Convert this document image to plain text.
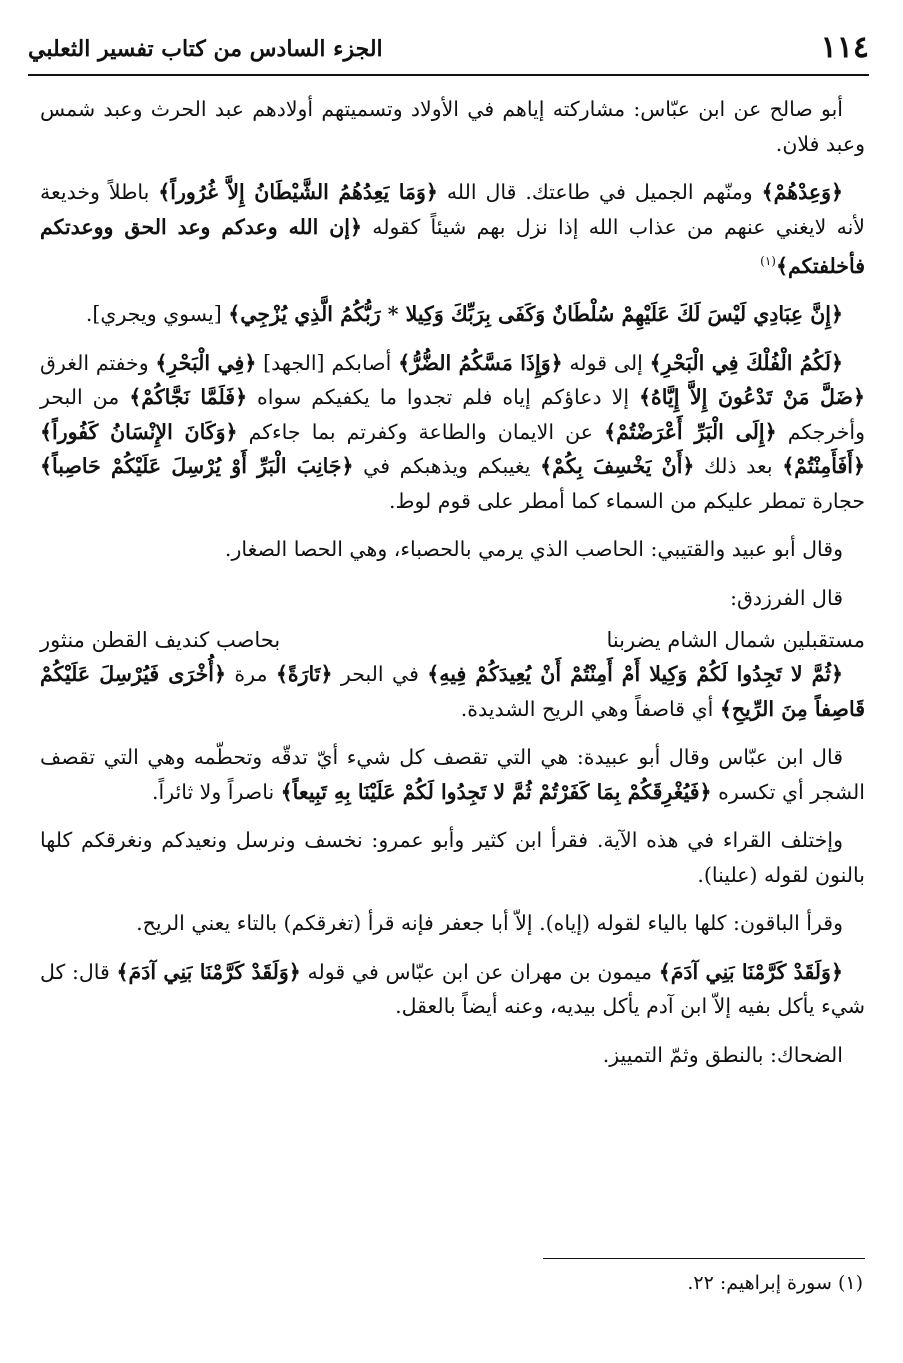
١١٤
الجزء السادس من كتاب تفسير الثعلبي

أبو صالح عن ابن عبّاس: مشاركته إياهم في الأولاد وتسميتهم أولادهم عبد الحرث وعبد شمس وعبد فلان.

﴿وَعِدْهُمْ﴾ ومنّهم الجميل في طاعتك. قال الله ﴿وَمَا يَعِدُهُمُ الشَّيْطَانُ إِلاَّ غُرُوراً﴾ باطلاً وخديعة لأنه لايغني عنهم من عذاب الله إذا نزل بهم شيئاً كقوله ﴿إن الله وعدكم وعد الحق ووعدتكم فأخلفتكم﴾$^{(١)}$

﴿إِنَّ عِبَادِي لَيْسَ لَكَ عَلَيْهِمْ سُلْطَانٌ وَكَفَى بِرَبِّكَ وَكِيلا * رَبُّكُمُ الَّذِي يُزْجِي﴾ [يسوي ويجري].

﴿لَكُمُ الْفُلْكَ فِي الْبَحْرِ﴾ إلى قوله ﴿وَإِذَا مَسَّكُمُ الضُّرُّ﴾ أصابكم [الجهد] ﴿فِي الْبَحْرِ﴾ وخفتم الغرق ﴿ضَلَّ مَنْ تَدْعُونَ إِلاَّ إِيَّاهُ﴾ إلا دعاؤكم إياه فلم تجدوا ما يكفيكم سواه ﴿فَلَمَّا نَجَّاكُمْ﴾ من البحر وأخرجكم ﴿إِلَى الْبَرِّ أَعْرَضْتُمْ﴾ عن الايمان والطاعة وكفرتم بما جاءكم ﴿وَكَانَ الإِنْسَانُ كَفُوراً﴾ ﴿أَفَأَمِنْتُمْ﴾ بعد ذلك ﴿أَنْ يَخْسِفَ بِكُمْ﴾ يغيبكم ويذهبكم في ﴿جَانِبَ الْبَرِّ أَوْ يُرْسِلَ عَلَيْكُمْ حَاصِباً﴾حجارة تمطر عليكم من السماء كما أمطر على قوم لوط.

وقال أبو عبيد والقتيبي: الحاصب الذي يرمي بالحصباء، وهي الحصا الصغار.

قال الفرزدق:

مستقبلين شمال الشام يضربنا
بحاصب كنديف القطن منثور

﴿ثُمَّ لا تَجِدُوا لَكُمْ وَكِيلا أَمْ أَمِنْتُمْ أَنْ يُعِيدَكُمْ فِيهِ﴾ في البحر ﴿تَارَةً﴾ مرة ﴿أُخْرَى فَيُرْسِلَ عَلَيْكُمْ قَاصِفاً مِنَ الرِّيحِ﴾ أي قاصفاً وهي الريح الشديدة.

قال ابن عبّاس وقال أبو عبيدة: هي التي تقصف كل شيء أيّ تدقّه وتحطّمه وهي التي تقصف الشجر أي تكسره ﴿فَيُغْرِقَكُمْ بِمَا كَفَرْتُمْ ثُمَّ لا تَجِدُوا لَكُمْ عَلَيْنَا بِهِ تَبِيعاً﴾ ناصراً ولا ثائراً.

وإختلف القراء في هذه الآية. فقرأ ابن كثير وأبو عمرو: نخسف ونرسل ونعيدكم ونغرقكم كلها بالنون لقوله (علينا).

وقرأ الباقون: كلها بالياء لقوله (إياه). إلاّ أبا جعفر فإنه قرأ (تغرقكم) بالتاء يعني الريح.

﴿وَلَقَدْ كَرَّمْنَا بَنِي آدَمَ﴾ ميمون بن مهران عن ابن عبّاس في قوله ﴿وَلَقَدْ كَرَّمْنَا بَنِي آدَمَ﴾ قال: كل شيء يأكل بفيه إلاّ ابن آدم يأكل بيديه، وعنه أيضاً بالعقل.

الضحاك: بالنطق وثمّ التمييز.

(١) سورة إبراهيم: ٢٢.
